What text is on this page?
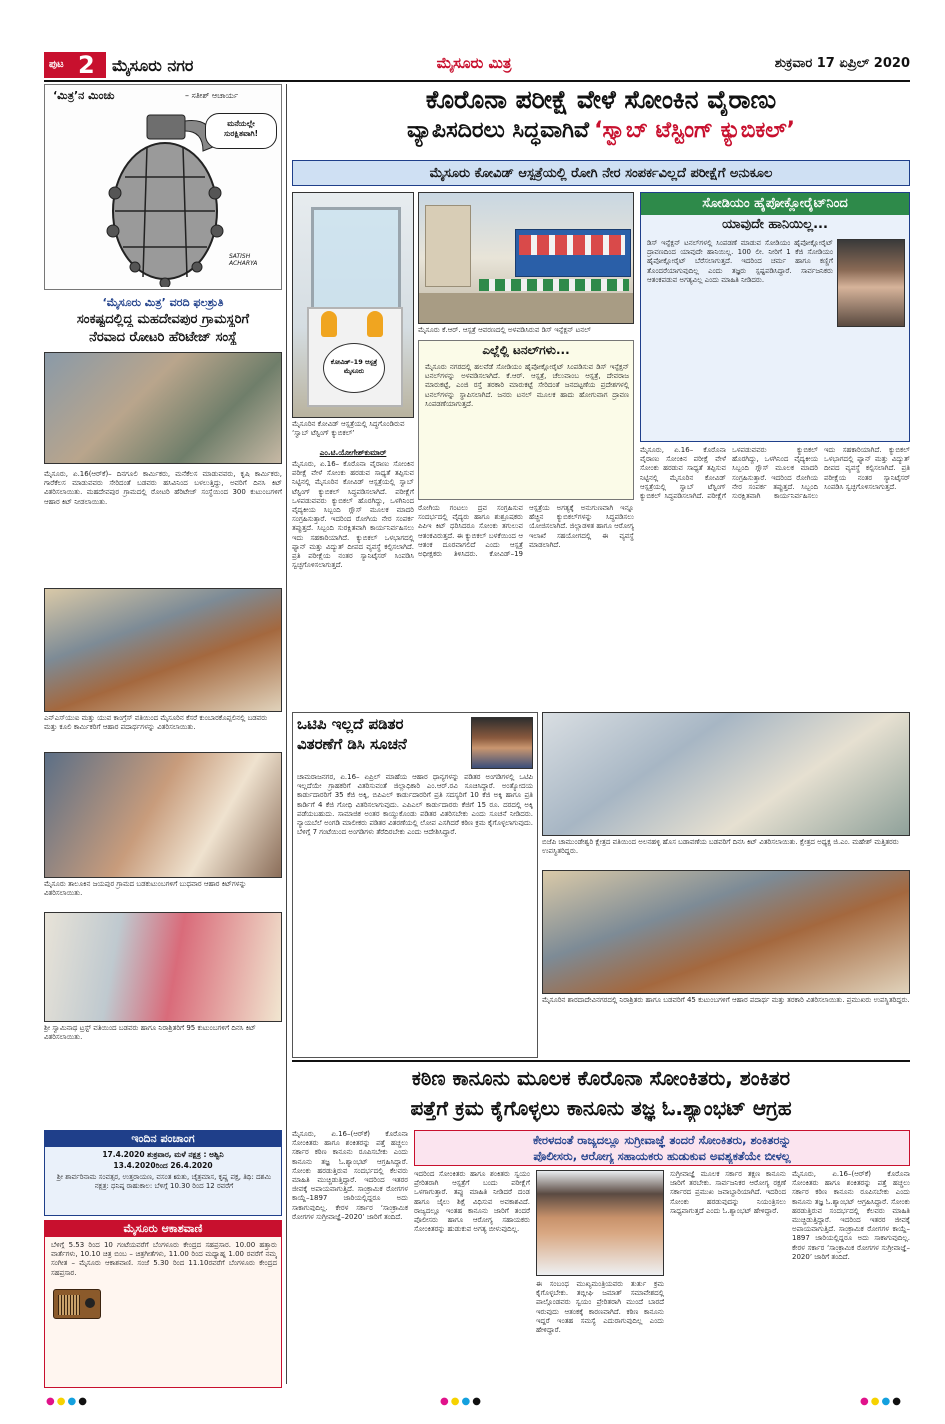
ಪುಟ 2 ಮೈಸೂರು ನಗರ	ಮೈಸೂರು ಮಿತ್ರ	ಶುಕ್ರವಾರ 17 ಏಪ್ರಿಲ್ 2020
‘ಮಿತ್ರ’ನ ಮಿಂಚು	– ಸತೀಶ್ ಆಚಾರ್ಯ
ಮನೆಯಲ್ಲೇ ಸುರಕ್ಷಿತವಾಗಿ!
SATISH ACHARYA
‘ಮೈಸೂರು ಮಿತ್ರ’ ವರದಿ ಫಲಶ್ರುತಿ
ಸಂಕಷ್ಟದಲ್ಲಿದ್ದ ಮಹದೇವಪುರ ಗ್ರಾಮಸ್ಥರಿಗೆ
ನೆರವಾದ ರೋಟರಿ ಹೆರಿಟೇಜ್ ಸಂಸ್ಥೆ
ಮೈಸೂರು, ಏ.16(ಆರ್‌ಕೆ)– ದಿನಗೂಲಿ ಕಾರ್ಮಿಕರು, ಮನೆಕೆಲಸ ಮಾಡುವವರು, ಕೃಷಿ ಕಾರ್ಮಿಕರು, ಗಾರೆಕೆಲಸ ಮಾಡುವವರು ಸೇರಿದಂತೆ ಬಡವರು ಹಸಿವಿನಿಂದ ಬಳಲುತ್ತಿದ್ದು, ಅವರಿಗೆ ದಿನಸಿ ಕಿಟ್ ವಿತರಿಸಲಾಯಿತು. ಮಹದೇವಪುರ ಗ್ರಾಮದಲ್ಲಿ ರೋಟರಿ ಹೆರಿಟೇಜ್ ಸಂಸ್ಥೆಯಿಂದ 300 ಕುಟುಂಬಗಳಿಗೆ ಆಹಾರ ಕಿಟ್ ನೀಡಲಾಯಿತು.
ಎನ್‌ಎಸ್‌ಯುಐ ಮತ್ತು ಯುವ ಕಾಂಗ್ರೆಸ್ ವತಿಯಿಂದ ಮೈಸೂರಿನ ಕೆಸರೆ ಕುಂಬಾರಕೊಪ್ಪಲಿನಲ್ಲಿ ಬಡವರು ಮತ್ತು ಕೂಲಿ ಕಾರ್ಮಿಕರಿಗೆ ಆಹಾರ ಪದಾರ್ಥಗಳನ್ನು ವಿತರಿಸಲಾಯಿತು.
ಮೈಸೂರು ತಾಲೂಕಿನ ಜಯಪುರ ಗ್ರಾಮದ ಬಡಕುಟುಂಬಗಳಿಗೆ ಬುಧವಾರ ಆಹಾರ ಕಿಟ್‌ಗಳನ್ನು ವಿತರಿಸಲಾಯಿತು.
ಶ್ರೀ ಸ್ವಾಮಿನಾಥ ಟ್ರಸ್ಟ್ ವತಿಯಿಂದ ಬಡವರು ಹಾಗೂ ನಿರಾಶ್ರಿತರಿಗೆ 95 ಕುಟುಂಬಗಳಿಗೆ ದಿನಸಿ ಕಿಟ್ ವಿತರಿಸಲಾಯಿತು.
ಇಂದಿನ ಪಂಚಾಂಗ
17.4.2020 ಶುಕ್ರವಾರ, ಮಳೆ ನಕ್ಷತ್ರ : ಅಶ್ವಿನಿ
13.4.2020ರಿಂದ 26.4.2020
ಶ್ರೀ ಶಾರ್ವರಿನಾಮ ಸಂವತ್ಸರ, ಉತ್ತರಾಯಣ, ವಸಂತ ಋತು, ಚೈತ್ರಮಾಸ, ಕೃಷ್ಣ ಪಕ್ಷ, ತಿಥಿ: ದಶಮಿ ನಕ್ಷತ್ರ: ಧನಿಷ್ಠ ರಾಹುಕಾಲ: ಬೆಳಿಗ್ಗೆ 10.30 ರಿಂದ 12 ರವರೆಗೆ
ಮೈಸೂರು ಆಕಾಶವಾಣಿ
ಬೆಳಿಗ್ಗೆ 5.53 ರಿಂದ 10 ಗಂಟೆಯವರೆಗೆ ಬೆಂಗಳೂರು ಕೇಂದ್ರದ ಸಹಪ್ರಸಾರ. 10.00 ಹತ್ತಾರು ವಾರ್ತೆಗಳು, 10.10 ಚಿತ್ರ ಬಿಂಬ – ಚಿತ್ರಗೀತೆಗಳು, 11.00 ರಿಂದ ಮಧ್ಯಾಹ್ನ 1.00 ರವರೆಗೆ ನಮ್ಮ ಸಂಗೀತ – ಮೈಸೂರು ಆಕಾಶವಾಣಿ. ಸಂಜೆ 5.30 ರಿಂದ 11.10ರವರೆಗೆ ಬೆಂಗಳೂರು ಕೇಂದ್ರದ ಸಹಪ್ರಸಾರ.
ಕೊರೊನಾ ಪರೀಕ್ಷೆ ವೇಳೆ ಸೋಂಕಿನ ವೈರಾಣು
ವ್ಯಾಪಿಸದಿರಲು ಸಿದ್ಧವಾಗಿವೆ ‘ಸ್ವಾಬ್ ಟೆಸ್ಟಿಂಗ್ ಕ್ಯುಬಿಕಲ್’
ಮೈಸೂರು ಕೋವಿಡ್ ಆಸ್ಪತ್ರೆಯಲ್ಲಿ ರೋಗಿ ನೇರ ಸಂಪರ್ಕವಿಲ್ಲದೆ ಪರೀಕ್ಷೆಗೆ ಅನುಕೂಲ
ಕೋವಿಡ್–19 ಆಸ್ಪತ್ರೆ ಮೈಸೂರು
ಮೈಸೂರಿನ ಕೋವಿಡ್ ಆಸ್ಪತ್ರೆಯಲ್ಲಿ ಸಿದ್ಧಗೊಂಡಿರುವ ‘ಸ್ವಾಬ್ ಟೆಸ್ಟಿಂಗ್ ಕ್ಯುಬಿಕಲ್’
ಮೈಸೂರು ಕೆ.ಆರ್. ಆಸ್ಪತ್ರೆ ಆವರಣದಲ್ಲಿ ಅಳವಡಿಸಿರುವ ಡಿಸ್ ಇನ್ಫೆಕ್ಷನ್ ಟನಲ್
ಸೋಡಿಯಂ ಹೈಪೋಕ್ಲೋರೈಟ್‌ನಿಂದ
ಯಾವುದೇ ಹಾನಿಯಿಲ್ಲ...
ಡಿಸ್ ಇನ್ಫೆಕ್ಷನ್ ಟನಲ್‌ಗಳಲ್ಲಿ ಸಿಂಪಡಣೆ ಮಾಡುವ ಸೋಡಿಯಂ ಹೈಪೋಕ್ಲೋರೈಟ್ ದ್ರಾವಣದಿಂದ ಯಾವುದೇ ಹಾನಿಯಿಲ್ಲ. 100 ಲೀ. ನೀರಿಗೆ 1 ಕೆಜಿ ಸೋಡಿಯಂ ಹೈಪೋಕ್ಲೋರೈಟ್ ಬೆರೆಸಲಾಗುತ್ತದೆ. ಇದರಿಂದ ಚರ್ಮ ಹಾಗೂ ಕಣ್ಣಿಗೆ ತೊಂದರೆಯಾಗುವುದಿಲ್ಲ ಎಂದು ತಜ್ಞರು ಸ್ಪಷ್ಟಪಡಿಸಿದ್ದಾರೆ. ಸಾರ್ವಜನಿಕರು ಆತಂಕಪಡುವ ಅಗತ್ಯವಿಲ್ಲ ಎಂದು ಮಾಹಿತಿ ನೀಡಿದರು.
ಎಂ.ಟಿ.ಯೋಗೇಶ್‌ಕುಮಾರ್
ಮೈಸೂರು, ಏ.16– ಕೊರೊನಾ ವೈರಾಣು ಸೋಂಕಿನ ಪರೀಕ್ಷೆ ವೇಳೆ ಸೋಂಕು ಹರಡುವ ಸಾಧ್ಯತೆ ತಪ್ಪಿಸುವ ನಿಟ್ಟಿನಲ್ಲಿ ಮೈಸೂರಿನ ಕೋವಿಡ್ ಆಸ್ಪತ್ರೆಯಲ್ಲಿ ಸ್ವಾಬ್ ಟೆಸ್ಟಿಂಗ್ ಕ್ಯುಬಿಕಲ್ ಸಿದ್ಧಪಡಿಸಲಾಗಿದೆ. ಪರೀಕ್ಷೆಗೆ ಒಳಪಡುವವರು ಕ್ಯುಬಿಕಲ್ ಹೊರಗಿದ್ದು, ಒಳಗಿನಿಂದ ವೈದ್ಯಕೀಯ ಸಿಬ್ಬಂದಿ ಗ್ಲೌಸ್ ಮೂಲಕ ಮಾದರಿ ಸಂಗ್ರಹಿಸುತ್ತಾರೆ. ಇದರಿಂದ ರೋಗಿಯ ನೇರ ಸಂಪರ್ಕ ತಪ್ಪುತ್ತದೆ. ಸಿಬ್ಬಂದಿ ಸುರಕ್ಷಿತವಾಗಿ ಕಾರ್ಯನಿರ್ವಹಿಸಲು ಇದು ಸಹಕಾರಿಯಾಗಿದೆ. ಕ್ಯುಬಿಕಲ್ ಒಳಭಾಗದಲ್ಲಿ ಫ್ಯಾನ್ ಮತ್ತು ವಿದ್ಯುತ್ ದೀಪದ ವ್ಯವಸ್ಥೆ ಕಲ್ಪಿಸಲಾಗಿದೆ. ಪ್ರತಿ ಪರೀಕ್ಷೆಯ ನಂತರ ಸ್ಯಾನಿಟೈಸರ್ ಸಿಂಪಡಿಸಿ ಸ್ವಚ್ಛಗೊಳಿಸಲಾಗುತ್ತದೆ.
ಎಲ್ಲೆಲ್ಲಿ ಟನಲ್‌ಗಳು...
ಮೈಸೂರು ನಗರದಲ್ಲಿ ಹಲವೆಡೆ ಸೋಡಿಯಂ ಹೈಪೋಕ್ಲೋರೈಟ್ ಸಿಂಪಡಿಸುವ ಡಿಸ್ ಇನ್ಫೆಕ್ಷನ್ ಟನಲ್‌ಗಳನ್ನು ಅಳವಡಿಸಲಾಗಿದೆ. ಕೆ.ಆರ್. ಆಸ್ಪತ್ರೆ, ಚೆಲುವಾಂಬ ಆಸ್ಪತ್ರೆ, ದೇವರಾಜ ಮಾರುಕಟ್ಟೆ, ಎಂಜಿ ರಸ್ತೆ ತರಕಾರಿ ಮಾರುಕಟ್ಟೆ ಸೇರಿದಂತೆ ಜನದಟ್ಟಣೆಯ ಪ್ರದೇಶಗಳಲ್ಲಿ ಟನಲ್‌ಗಳನ್ನು ಸ್ಥಾಪಿಸಲಾಗಿದೆ. ಜನರು ಟನಲ್ ಮೂಲಕ ಹಾದು ಹೋಗುವಾಗ ದ್ರಾವಣ ಸಿಂಪಡಣೆಯಾಗುತ್ತದೆ.
ರೋಗಿಯ ಗಂಟಲು ದ್ರವ ಸಂಗ್ರಹಿಸುವ ಸಂದರ್ಭದಲ್ಲಿ ವೈದ್ಯರು ಹಾಗೂ ಶುಶ್ರೂಷಕರು ಪಿಪಿಇ ಕಿಟ್ ಧರಿಸಿದರೂ ಸೋಂಕು ತಗುಲುವ ಆತಂಕವಿರುತ್ತದೆ. ಈ ಕ್ಯುಬಿಕಲ್ ಬಳಕೆಯಿಂದ ಆ ಆತಂಕ ದೂರವಾಗಲಿದೆ ಎಂದು ಆಸ್ಪತ್ರೆ ಅಧೀಕ್ಷಕರು ತಿಳಿಸಿದರು. ಕೋವಿಡ್–19 ಆಸ್ಪತ್ರೆಯ ಅಗತ್ಯಕ್ಕೆ ಅನುಗುಣವಾಗಿ ಇನ್ನೂ ಹೆಚ್ಚಿನ ಕ್ಯುಬಿಕಲ್‌ಗಳನ್ನು ಸಿದ್ಧಪಡಿಸಲು ಯೋಜಿಸಲಾಗಿದೆ. ಜಿಲ್ಲಾಡಳಿತ ಹಾಗೂ ಆರೋಗ್ಯ ಇಲಾಖೆ ಸಹಯೋಗದಲ್ಲಿ ಈ ವ್ಯವಸ್ಥೆ ಮಾಡಲಾಗಿದೆ.
ಮೈಸೂರು, ಏ.16– ಕೊರೊನಾ ವೈರಾಣು ಸೋಂಕಿನ ಪರೀಕ್ಷೆ ವೇಳೆ ಸೋಂಕು ಹರಡುವ ಸಾಧ್ಯತೆ ತಪ್ಪಿಸುವ ನಿಟ್ಟಿನಲ್ಲಿ ಮೈಸೂರಿನ ಕೋವಿಡ್ ಆಸ್ಪತ್ರೆಯಲ್ಲಿ ಸ್ವಾಬ್ ಟೆಸ್ಟಿಂಗ್ ಕ್ಯುಬಿಕಲ್ ಸಿದ್ಧಪಡಿಸಲಾಗಿದೆ. ಪರೀಕ್ಷೆಗೆ ಒಳಪಡುವವರು ಕ್ಯುಬಿಕಲ್ ಹೊರಗಿದ್ದು, ಒಳಗಿನಿಂದ ವೈದ್ಯಕೀಯ ಸಿಬ್ಬಂದಿ ಗ್ಲೌಸ್ ಮೂಲಕ ಮಾದರಿ ಸಂಗ್ರಹಿಸುತ್ತಾರೆ. ಇದರಿಂದ ರೋಗಿಯ ನೇರ ಸಂಪರ್ಕ ತಪ್ಪುತ್ತದೆ. ಸಿಬ್ಬಂದಿ ಸುರಕ್ಷಿತವಾಗಿ ಕಾರ್ಯನಿರ್ವಹಿಸಲು ಇದು ಸಹಕಾರಿಯಾಗಿದೆ. ಕ್ಯುಬಿಕಲ್ ಒಳಭಾಗದಲ್ಲಿ ಫ್ಯಾನ್ ಮತ್ತು ವಿದ್ಯುತ್ ದೀಪದ ವ್ಯವಸ್ಥೆ ಕಲ್ಪಿಸಲಾಗಿದೆ. ಪ್ರತಿ ಪರೀಕ್ಷೆಯ ನಂತರ ಸ್ಯಾನಿಟೈಸರ್ ಸಿಂಪಡಿಸಿ ಸ್ವಚ್ಛಗೊಳಿಸಲಾಗುತ್ತದೆ.
ಒಟಿಪಿ ಇಲ್ಲದೆ ಪಡಿತರ
ವಿತರಣೆಗೆ ಡಿಸಿ ಸೂಚನೆ
ಚಾಮರಾಜನಗರ, ಏ.16– ಏಪ್ರಿಲ್ ಮಾಹೆಯ ಆಹಾರ ಧಾನ್ಯಗಳನ್ನು ಪಡಿತರ ಅಂಗಡಿಗಳಲ್ಲಿ ಒಟಿಪಿ ಇಲ್ಲದೆಯೇ ಗ್ರಾಹಕರಿಗೆ ವಿತರಿಸುವಂತೆ ಜಿಲ್ಲಾಧಿಕಾರಿ ಎಂ.ಆರ್.ರವಿ ಸೂಚಿಸಿದ್ದಾರೆ. ಅಂತ್ಯೋದಯ ಕಾರ್ಡುದಾರರಿಗೆ 35 ಕೆಜಿ ಅಕ್ಕಿ, ಬಿಪಿಎಲ್ ಕಾರ್ಡುದಾರರಿಗೆ ಪ್ರತಿ ಸದಸ್ಯರಿಗೆ 10 ಕೆಜಿ ಅಕ್ಕಿ ಹಾಗೂ ಪ್ರತಿ ಕಾರ್ಡಿಗೆ 4 ಕೆಜಿ ಗೋಧಿ ವಿತರಿಸಲಾಗುವುದು. ಎಪಿಎಲ್ ಕಾರ್ಡುದಾರರು ಕೆಜಿಗೆ 15 ರೂ. ದರದಲ್ಲಿ ಅಕ್ಕಿ ಪಡೆಯಬಹುದು. ಸಾಮಾಜಿಕ ಅಂತರ ಕಾಯ್ದುಕೊಂಡು ಪಡಿತರ ವಿತರಿಸಬೇಕು ಎಂದು ಸೂಚನೆ ನೀಡಿದರು. ನ್ಯಾಯಬೆಲೆ ಅಂಗಡಿ ಮಾಲೀಕರು ಪಡಿತರ ವಿತರಣೆಯಲ್ಲಿ ಲೋಪ ಎಸಗಿದರೆ ಕಠಿಣ ಕ್ರಮ ಕೈಗೊಳ್ಳಲಾಗುವುದು. ಬೆಳಿಗ್ಗೆ 7 ಗಂಟೆಯಿಂದ ಅಂಗಡಿಗಳು ತೆರೆದಿರಬೇಕು ಎಂದು ಆದೇಶಿಸಿದ್ದಾರೆ.
ಬಿಜೆಪಿ ಚಾಮುಂಡೇಶ್ವರಿ ಕ್ಷೇತ್ರದ ವತಿಯಿಂದ ಅಲನಹಳ್ಳಿ ಹೊಸ ಬಡಾವಣೆಯ ಬಡವರಿಗೆ ದಿನಸಿ ಕಿಟ್ ವಿತರಿಸಲಾಯಿತು. ಕ್ಷೇತ್ರದ ಅಧ್ಯಕ್ಷ ಜಿ.ಎಂ. ಮಹೇಶ್ ಮತ್ತಿತರರು ಉಪಸ್ಥಿತರಿದ್ದರು.
ಮೈಸೂರಿನ ಶಾರದಾದೇವಿನಗರದಲ್ಲಿ ನಿರಾಶ್ರಿತರು ಹಾಗೂ ಬಡವರಿಗೆ 45 ಕುಟುಂಬಗಳಿಗೆ ಆಹಾರ ಪದಾರ್ಥ ಮತ್ತು ತರಕಾರಿ ವಿತರಿಸಲಾಯಿತು. ಪ್ರಮುಖರು ಉಪಸ್ಥಿತರಿದ್ದರು.
ಕಠಿಣ ಕಾನೂನು ಮೂಲಕ ಕೊರೊನಾ ಸೋಂಕಿತರು, ಶಂಕಿತರ
ಪತ್ತೆಗೆ ಕ್ರಮ ಕೈಗೊಳ್ಳಲು ಕಾನೂನು ತಜ್ಞ ಓ.ಶ್ಯಾಂಭಟ್ ಆಗ್ರಹ
ಮೈಸೂರು, ಏ.16–(ಆರ್‌ಕೆ) ಕೊರೊನಾ ಸೋಂಕಿತರು ಹಾಗೂ ಶಂಕಿತರನ್ನು ಪತ್ತೆ ಹಚ್ಚಲು ಸರ್ಕಾರ ಕಠಿಣ ಕಾನೂನು ರೂಪಿಸಬೇಕು ಎಂದು ಕಾನೂನು ತಜ್ಞ ಓ.ಶ್ಯಾಂಭಟ್ ಆಗ್ರಹಿಸಿದ್ದಾರೆ. ಸೋಂಕು ಹರಡುತ್ತಿರುವ ಸಂದರ್ಭದಲ್ಲಿ ಕೆಲವರು ಮಾಹಿತಿ ಮುಚ್ಚಿಡುತ್ತಿದ್ದಾರೆ. ಇದರಿಂದ ಇತರರ ಜೀವಕ್ಕೆ ಅಪಾಯವಾಗುತ್ತಿದೆ. ಸಾಂಕ್ರಾಮಿಕ ರೋಗಗಳ ಕಾಯ್ದೆ–1897 ಜಾರಿಯಲ್ಲಿದ್ದರೂ ಅದು ಸಾಕಾಗುವುದಿಲ್ಲ. ಕೇರಳ ಸರ್ಕಾರ ‘ಸಾಂಕ್ರಾಮಿಕ ರೋಗಗಳ ಸುಗ್ರೀವಾಜ್ಞೆ–2020’ ಜಾರಿಗೆ ತಂದಿದೆ.
ಕೇರಳದಂತೆ ರಾಜ್ಯದಲ್ಲೂ ಸುಗ್ರೀವಾಜ್ಞೆ ತಂದರೆ ಸೋಂಕಿತರು, ಶಂಕಿತರನ್ನು
ಪೊಲೀಸರು, ಆರೋಗ್ಯ ಸಹಾಯಕರು ಹುಡುಕುವ ಅವಶ್ಯಕತೆಯೇ ಬೀಳಲ್ಲ
ಇದರಿಂದ ಸೋಂಕಿತರು ಹಾಗೂ ಶಂಕಿತರು ಸ್ವಯಂ ಪ್ರೇರಿತರಾಗಿ ಆಸ್ಪತ್ರೆಗೆ ಬಂದು ಪರೀಕ್ಷೆಗೆ ಒಳಗಾಗುತ್ತಾರೆ. ತಪ್ಪು ಮಾಹಿತಿ ನೀಡಿದರೆ ದಂಡ ಹಾಗೂ ಜೈಲು ಶಿಕ್ಷೆ ವಿಧಿಸುವ ಅವಕಾಶವಿದೆ. ರಾಜ್ಯದಲ್ಲೂ ಇಂತಹ ಕಾನೂನು ಜಾರಿಗೆ ತಂದರೆ ಪೊಲೀಸರು ಹಾಗೂ ಆರೋಗ್ಯ ಸಹಾಯಕರು ಸೋಂಕಿತರನ್ನು ಹುಡುಕುವ ಅಗತ್ಯ ಬೀಳುವುದಿಲ್ಲ.
ಈ ಸಂಬಂಧ ಮುಖ್ಯಮಂತ್ರಿಯವರು ತುರ್ತು ಕ್ರಮ ಕೈಗೊಳ್ಳಬೇಕು. ತಬ್ಲೀಘಿ ಜಮಾತ್ ಸಮಾವೇಶದಲ್ಲಿ ಪಾಲ್ಗೊಂಡವರು ಸ್ವಯಂ ಪ್ರೇರಿತರಾಗಿ ಮುಂದೆ ಬಾರದೆ ಇರುವುದು ಆತಂಕಕ್ಕೆ ಕಾರಣವಾಗಿದೆ. ಕಠಿಣ ಕಾನೂನು ಇದ್ದರೆ ಇಂತಹ ಸಮಸ್ಯೆ ಎದುರಾಗುವುದಿಲ್ಲ ಎಂದು ಹೇಳಿದ್ದಾರೆ.
ಸುಗ್ರೀವಾಜ್ಞೆ ಮೂಲಕ ಸರ್ಕಾರ ತಕ್ಷಣ ಕಾನೂನು ಜಾರಿಗೆ ತರಬೇಕು. ಸಾರ್ವಜನಿಕರ ಆರೋಗ್ಯ ರಕ್ಷಣೆ ಸರ್ಕಾರದ ಪ್ರಮುಖ ಜವಾಬ್ದಾರಿಯಾಗಿದೆ. ಇದರಿಂದ ಸೋಂಕು ಹರಡುವುದನ್ನು ನಿಯಂತ್ರಿಸಲು ಸಾಧ್ಯವಾಗುತ್ತದೆ ಎಂದು ಓ.ಶ್ಯಾಂಭಟ್ ಹೇಳಿದ್ದಾರೆ.
ಮೈಸೂರು, ಏ.16–(ಆರ್‌ಕೆ) ಕೊರೊನಾ ಸೋಂಕಿತರು ಹಾಗೂ ಶಂಕಿತರನ್ನು ಪತ್ತೆ ಹಚ್ಚಲು ಸರ್ಕಾರ ಕಠಿಣ ಕಾನೂನು ರೂಪಿಸಬೇಕು ಎಂದು ಕಾನೂನು ತಜ್ಞ ಓ.ಶ್ಯಾಂಭಟ್ ಆಗ್ರಹಿಸಿದ್ದಾರೆ. ಸೋಂಕು ಹರಡುತ್ತಿರುವ ಸಂದರ್ಭದಲ್ಲಿ ಕೆಲವರು ಮಾಹಿತಿ ಮುಚ್ಚಿಡುತ್ತಿದ್ದಾರೆ. ಇದರಿಂದ ಇತರರ ಜೀವಕ್ಕೆ ಅಪಾಯವಾಗುತ್ತಿದೆ. ಸಾಂಕ್ರಾಮಿಕ ರೋಗಗಳ ಕಾಯ್ದೆ–1897 ಜಾರಿಯಲ್ಲಿದ್ದರೂ ಅದು ಸಾಕಾಗುವುದಿಲ್ಲ. ಕೇರಳ ಸರ್ಕಾರ ‘ಸಾಂಕ್ರಾಮಿಕ ರೋಗಗಳ ಸುಗ್ರೀವಾಜ್ಞೆ–2020’ ಜಾರಿಗೆ ತಂದಿದೆ.
●●●●	●●●●	●●●●
